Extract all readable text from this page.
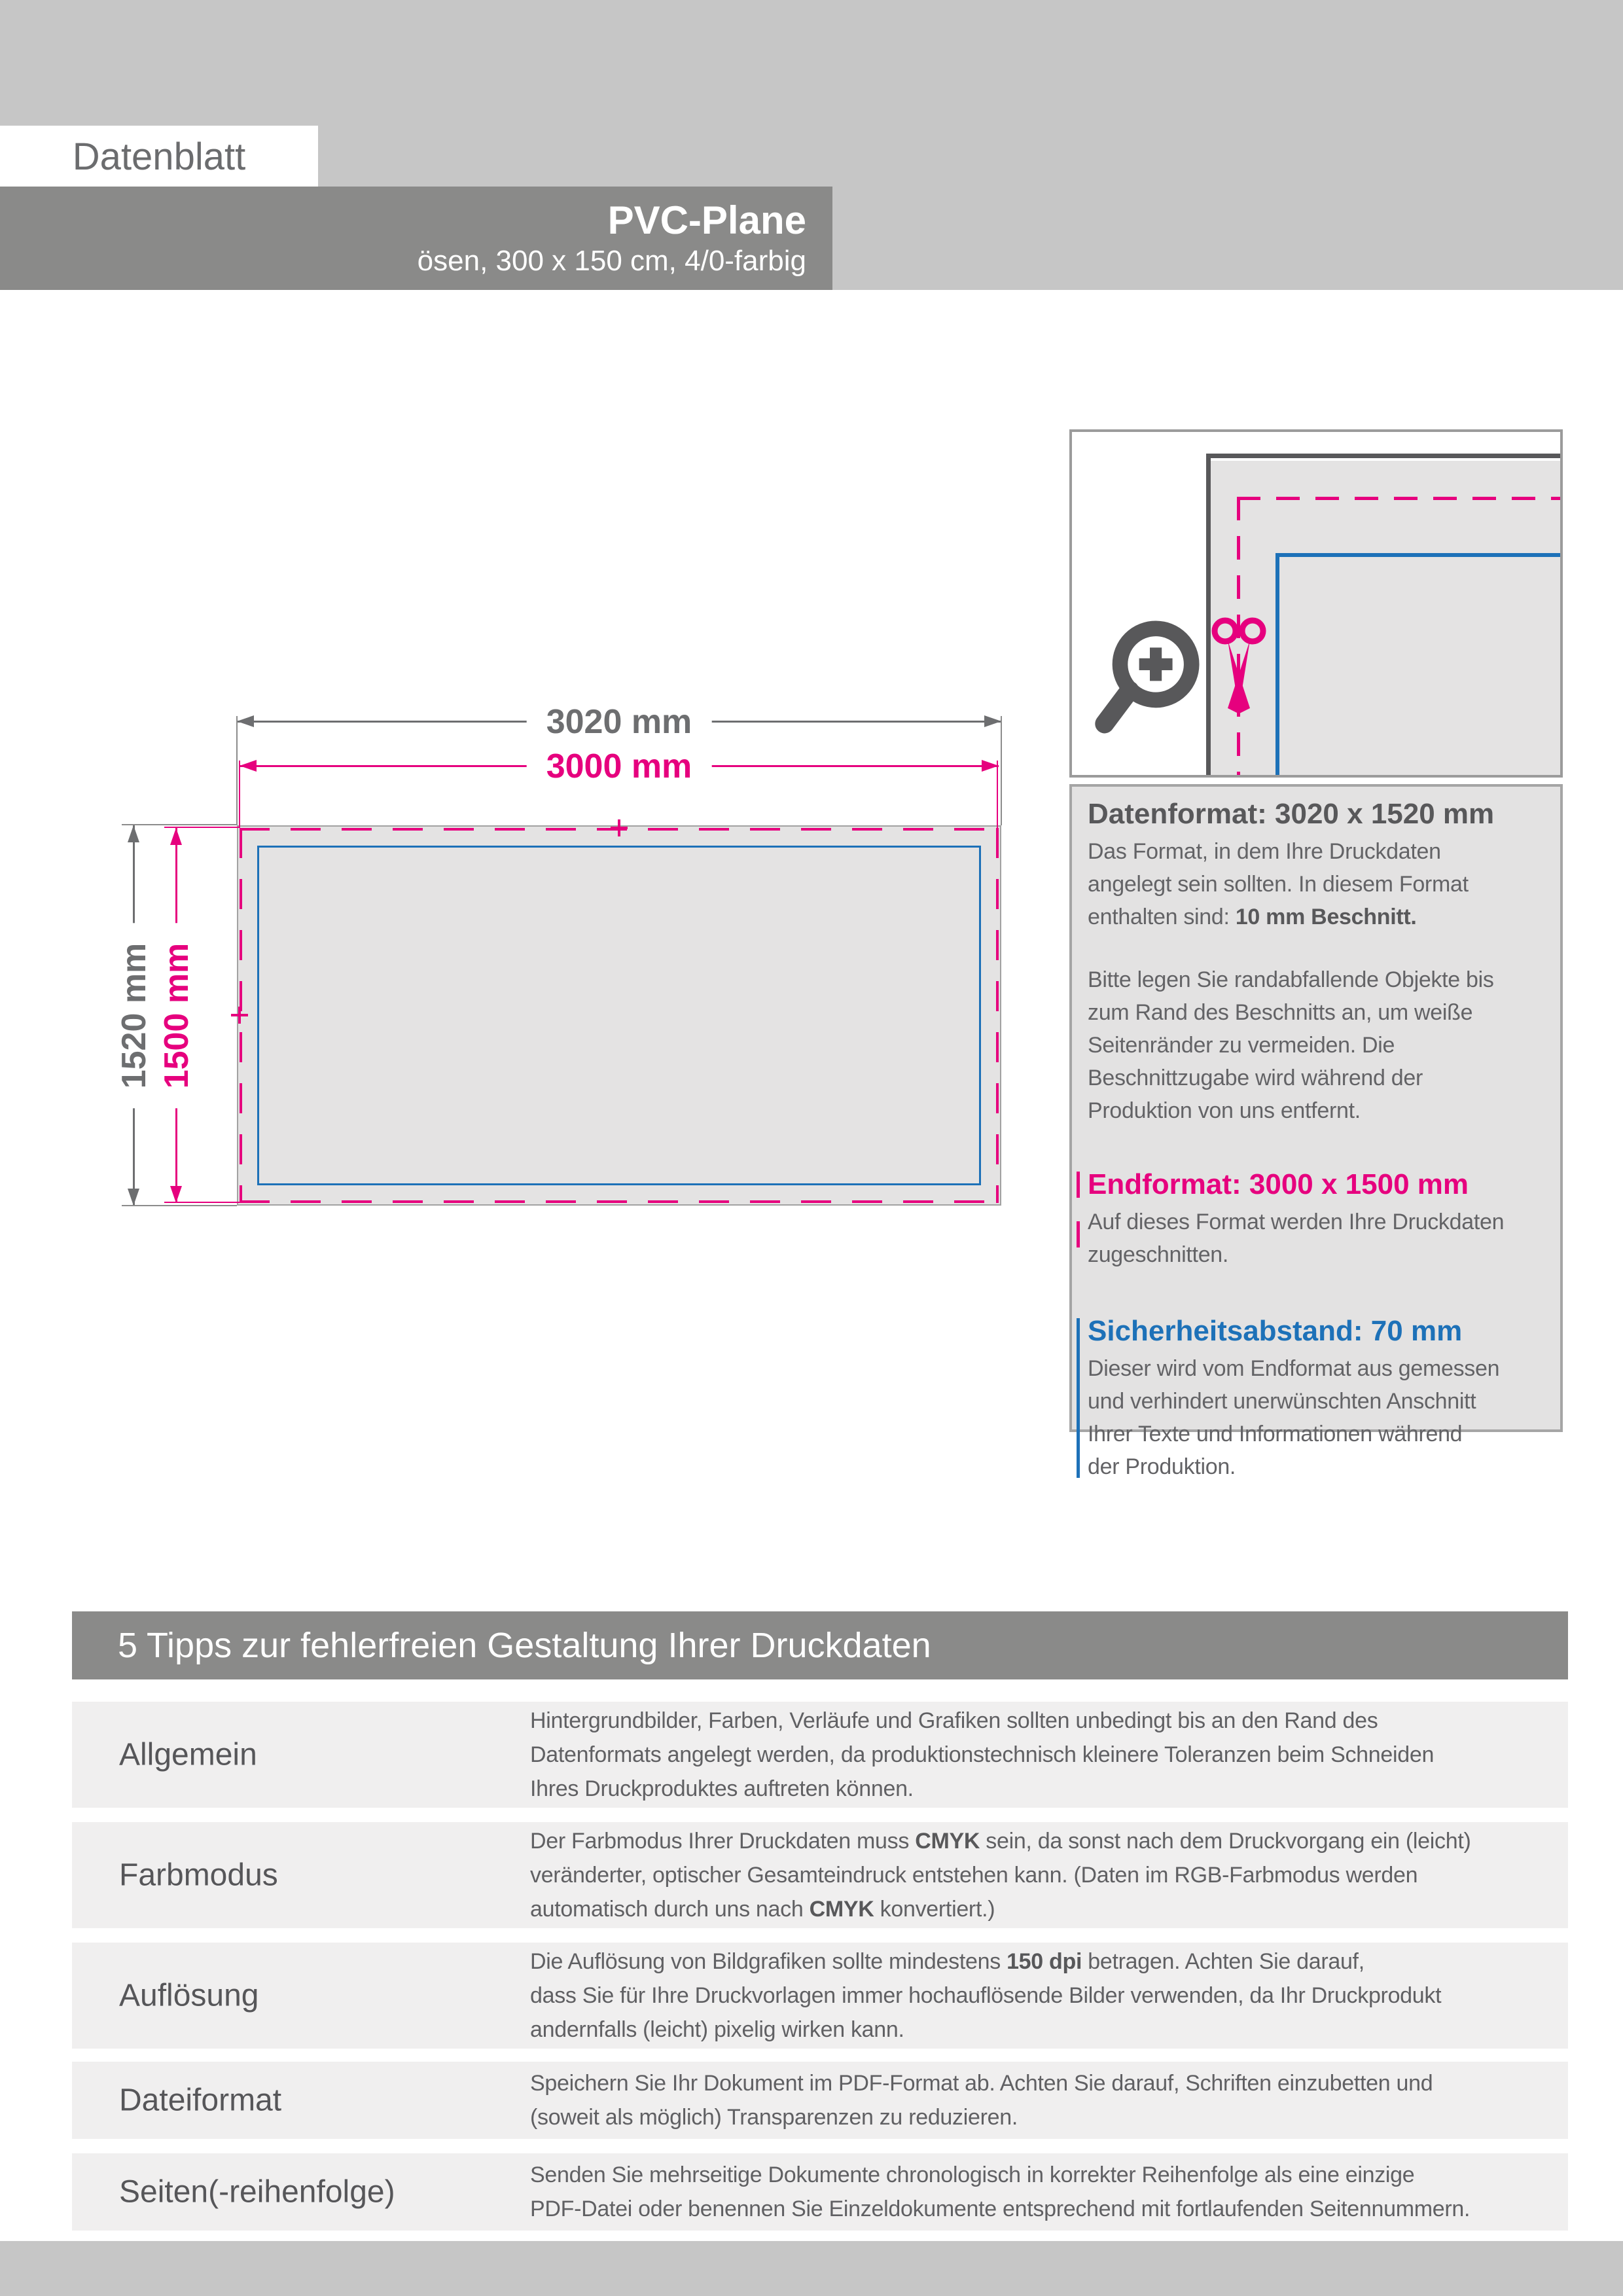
Datenblatt
PVC-Plane
ösen, 300 x 150 cm, 4/0-farbig
3020 mm
3000 mm
1520 mm 1500 mm
Datenformat: 3020 x 1520 mm

Das Format, in dem Ihre Druckdaten
angelegt sein sollten. In diesem Format
enthalten sind: 10 mm Beschnitt.

Bitte legen Sie randabfallende Objekte bis
zum Rand des Beschnitts an, um weiße
Seitenränder zu vermeiden. Die
Beschnittzugabe wird während der
Produktion von uns entfernt.

Endformat: 3000 x 1500 mm

Auf dieses Format werden Ihre Druckdaten
zugeschnitten.

Sicherheitsabstand: 70 mm

Dieser wird vom Endformat aus gemessen
und verhindert unerwünschten Anschnitt
Ihrer Texte und Informationen während
der Produktion.

5 Tipps zur fehlerfreien Gestaltung Ihrer Druckdaten
Allgemein
Hintergrundbilder, Farben, Verläufe und Grafiken sollten unbedingt bis an den Rand des
Datenformats angelegt werden, da produktionstechnisch kleinere Toleranzen beim Schneiden
Ihres Druckproduktes auftreten können.
Farbmodus
Der Farbmodus Ihrer Druckdaten muss CMYK sein, da sonst nach dem Druckvorgang ein (leicht)
veränderter, optischer Gesamteindruck entstehen kann. (Daten im RGB-Farbmodus werden
automatisch durch uns nach CMYK konvertiert.)
Auflösung
Die Auflösung von Bildgrafiken sollte mindestens 150 dpi betragen. Achten Sie darauf,
dass Sie für Ihre Druckvorlagen immer hochauflösende Bilder verwenden, da Ihr Druckprodukt
andernfalls (leicht) pixelig wirken kann.
Dateiformat	Speichern Sie Ihr Dokument im PDF-Format ab. Achten Sie darauf, Schriften einzubetten und
(soweit als möglich) Transparenzen zu reduzieren.
Seiten(-reihenfolge)	Senden Sie mehrseitige Dokumente chronologisch in korrekter Reihenfolge als eine einzige
PDF-Datei oder benennen Sie Einzeldokumente entsprechend mit fortlaufenden Seitennummern.
